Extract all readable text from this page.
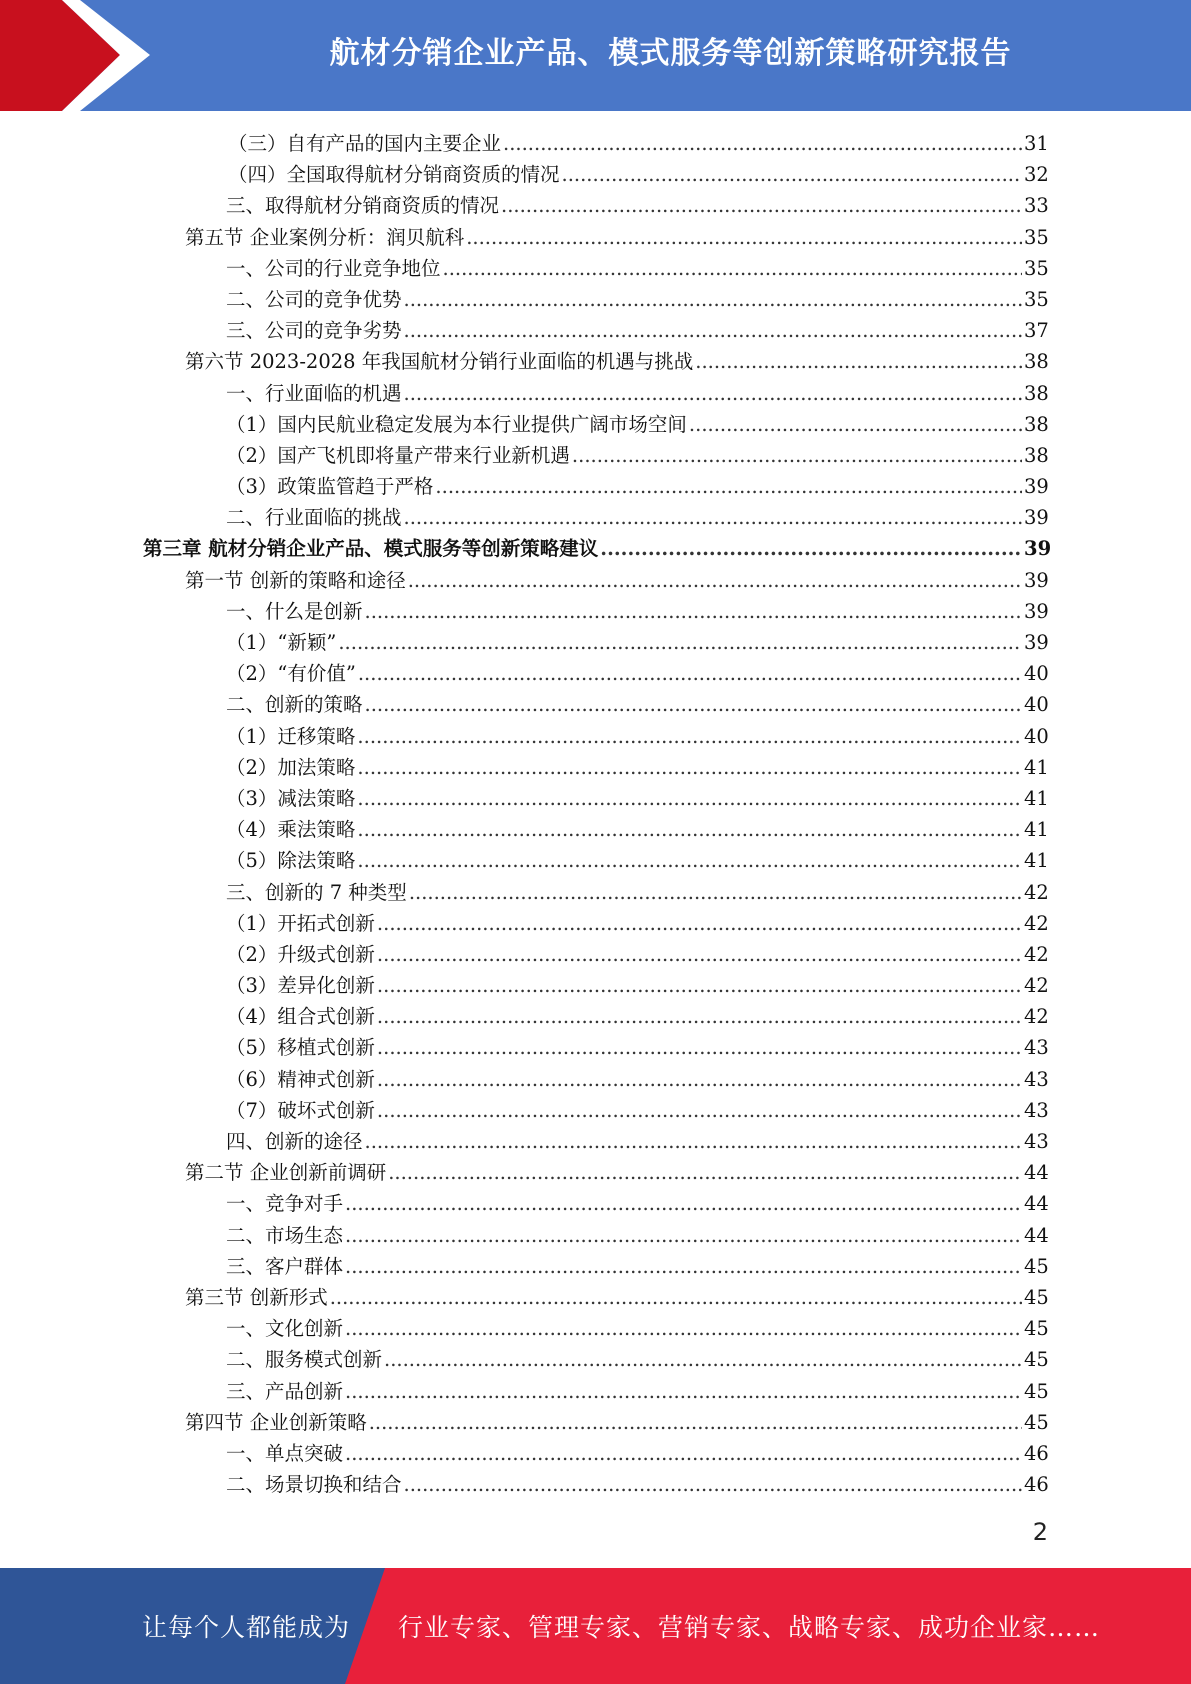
航材分销企业产品、模式服务等创新策略研究报告
（三）自有产品的国内主要企业 .....	31
（四）全国取得航材分销商资质的情况 .....	32
三、取得航材分销商资质的情况 .....	33
第五节 企业案例分析：润贝航科 .....	35
一、公司的行业竞争地位 .....	35
二、公司的竞争优势 .....	35
三、公司的竞争劣势 .....	37
第六节 2023-2028 年我国航材分销行业面临的机遇与挑战 .....	38
一、行业面临的机遇 .....	38
（1）国内民航业稳定发展为本行业提供广阔市场空间 .....	38
（2）国产飞机即将量产带来行业新机遇 .....	38
（3）政策监管趋于严格 .....	39
二、行业面临的挑战 .....	39
第三章 航材分销企业产品、模式服务等创新策略建议 .....	39
第一节 创新的策略和途径 .....	39
一、什么是创新 .....	39
（1）“新颖” .....	39
（2）“有价值” .....	40
二、创新的策略 .....	40
（1）迁移策略 .....	40
（2）加法策略 .....	41
（3）减法策略 .....	41
（4）乘法策略 .....	41
（5）除法策略 .....	41
三、创新的 7 种类型 .....	42
（1）开拓式创新 .....	42
（2）升级式创新 .....	42
（3）差异化创新 .....	42
（4）组合式创新 .....	42
（5）移植式创新 .....	43
（6）精神式创新 .....	43
（7）破坏式创新 .....	43
四、创新的途径 .....	43
第二节 企业创新前调研 .....	44
一、竞争对手 .....	44
二、市场生态 .....	44
三、客户群体 .....	45
第三节 创新形式 .....	45
一、文化创新 .....	45
二、服务模式创新 .....	45
三、产品创新 .....	45
第四节 企业创新策略 .....	45
一、单点突破 .....	46
二、场景切换和结合 .....	46
2
让每个人都能成为 行业专家、管理专家、营销专家、战略专家、成功企业家……
